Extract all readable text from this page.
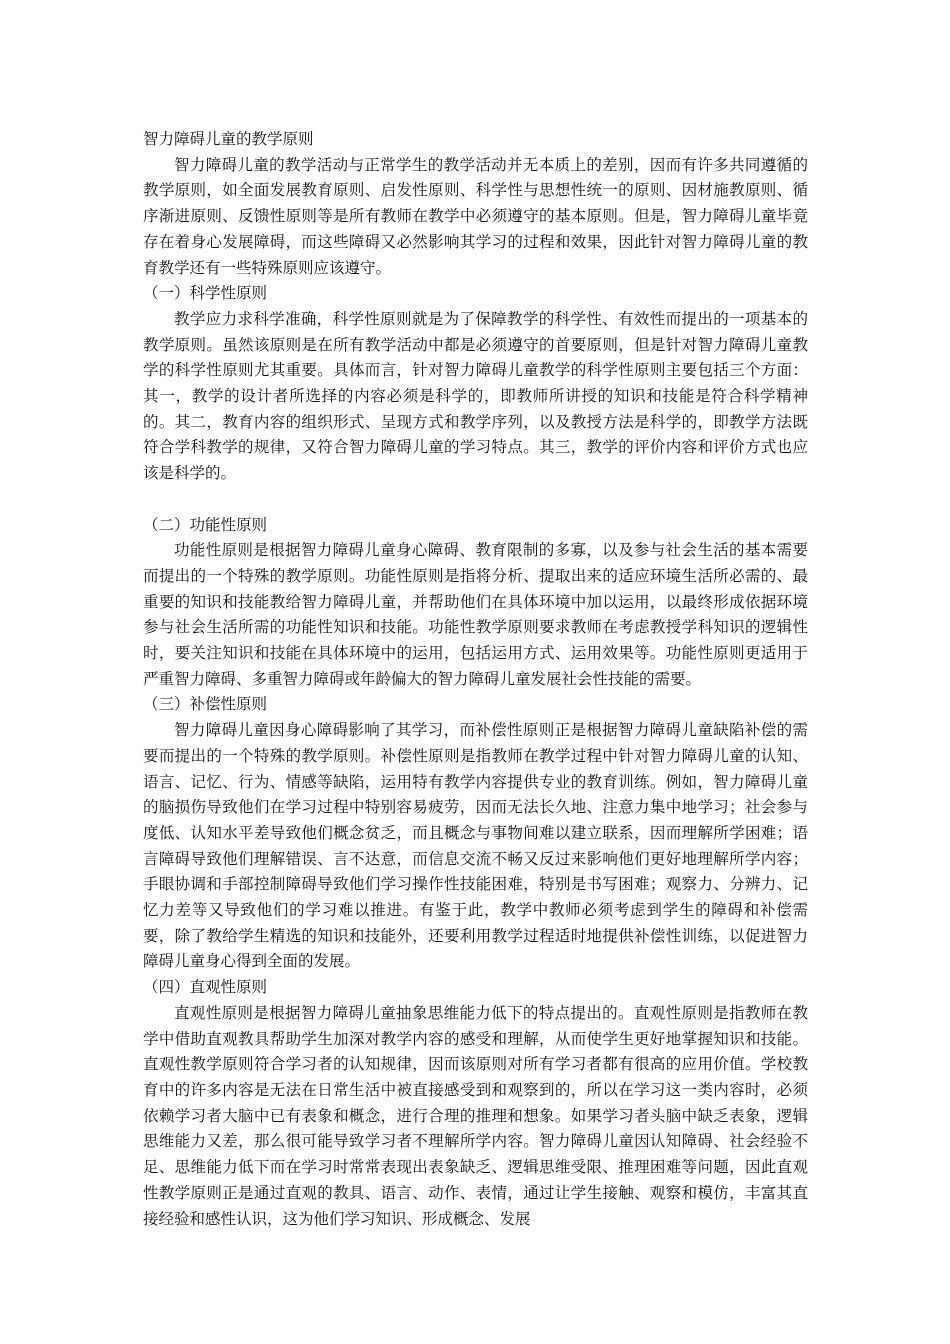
智力障碍儿童的教学原则

智力障碍儿童的教学活动与正常学生的教学活动并无本质上的差别，因而有许多共同遵循的教学原则，如全面发展教育原则、启发性原则、科学性与思想性统一的原则、因材施教原则、循序渐进原则、反馈性原则等是所有教师在教学中必须遵守的基本原则。但是，智力障碍儿童毕竟存在着身心发展障碍，而这些障碍又必然影响其学习的过程和效果，因此针对智力障碍儿童的教育教学还有一些特殊原则应该遵守。

（一）科学性原则

教学应力求科学准确，科学性原则就是为了保障教学的科学性、有效性而提出的一项基本的教学原则。虽然该原则是在所有教学活动中都是必须遵守的首要原则，但是针对智力障碍儿童教学的科学性原则尤其重要。具体而言，针对智力障碍儿童教学的科学性原则主要包括三个方面：其一，教学的设计者所选择的内容必须是科学的，即教师所讲授的知识和技能是符合科学精神的。其二，教育内容的组织形式、呈现方式和教学序列，以及教授方法是科学的，即教学方法既符合学科教学的规律，又符合智力障碍儿童的学习特点。其三，教学的评价内容和评价方式也应该是科学的。

（二）功能性原则

功能性原则是根据智力障碍儿童身心障碍、教育限制的多寡，以及参与社会生活的基本需要而提出的一个特殊的教学原则。功能性原则是指将分析、提取出来的适应环境生活所必需的、最重要的知识和技能教给智力障碍儿童，并帮助他们在具体环境中加以运用，以最终形成依据环境参与社会生活所需的功能性知识和技能。功能性教学原则要求教师在考虑教授学科知识的逻辑性时，要关注知识和技能在具体环境中的运用，包括运用方式、运用效果等。功能性原则更适用于严重智力障碍、多重智力障碍或年龄偏大的智力障碍儿童发展社会性技能的需要。

（三）补偿性原则

智力障碍儿童因身心障碍影响了其学习，而补偿性原则正是根据智力障碍儿童缺陷补偿的需要而提出的一个特殊的教学原则。补偿性原则是指教师在教学过程中针对智力障碍儿童的认知、语言、记忆、行为、情感等缺陷，运用特有教学内容提供专业的教育训练。例如，智力障碍儿童的脑损伤导致他们在学习过程中特别容易疲劳，因而无法长久地、注意力集中地学习；社会参与度低、认知水平差导致他们概念贫乏，而且概念与事物间难以建立联系，因而理解所学困难；语言障碍导致他们理解错误、言不达意，而信息交流不畅又反过来影响他们更好地理解所学内容；手眼协调和手部控制障碍导致他们学习操作性技能困难，特别是书写困难；观察力、分辨力、记忆力差等又导致他们的学习难以推进。有鉴于此，教学中教师必须考虑到学生的障碍和补偿需要，除了教给学生精选的知识和技能外，还要利用教学过程适时地提供补偿性训练，以促进智力障碍儿童身心得到全面的发展。

（四）直观性原则

直观性原则是根据智力障碍儿童抽象思维能力低下的特点提出的。直观性原则是指教师在教学中借助直观教具帮助学生加深对教学内容的感受和理解，从而使学生更好地掌握知识和技能。直观性教学原则符合学习者的认知规律，因而该原则对所有学习者都有很高的应用价值。学校教育中的许多内容是无法在日常生活中被直接感受到和观察到的，所以在学习这一类内容时，必须依赖学习者大脑中已有表象和概念，进行合理的推理和想象。如果学习者头脑中缺乏表象，逻辑思维能力又差，那么很可能导致学习者不理解所学内容。智力障碍儿童因认知障碍、社会经验不足、思维能力低下而在学习时常常表现出表象缺乏、逻辑思维受限、推理困难等问题，因此直观性教学原则正是通过直观的教具、语言、动作、表情，通过让学生接触、观察和模仿，丰富其直接经验和感性认识，这为他们学习知识、形成概念、发展
